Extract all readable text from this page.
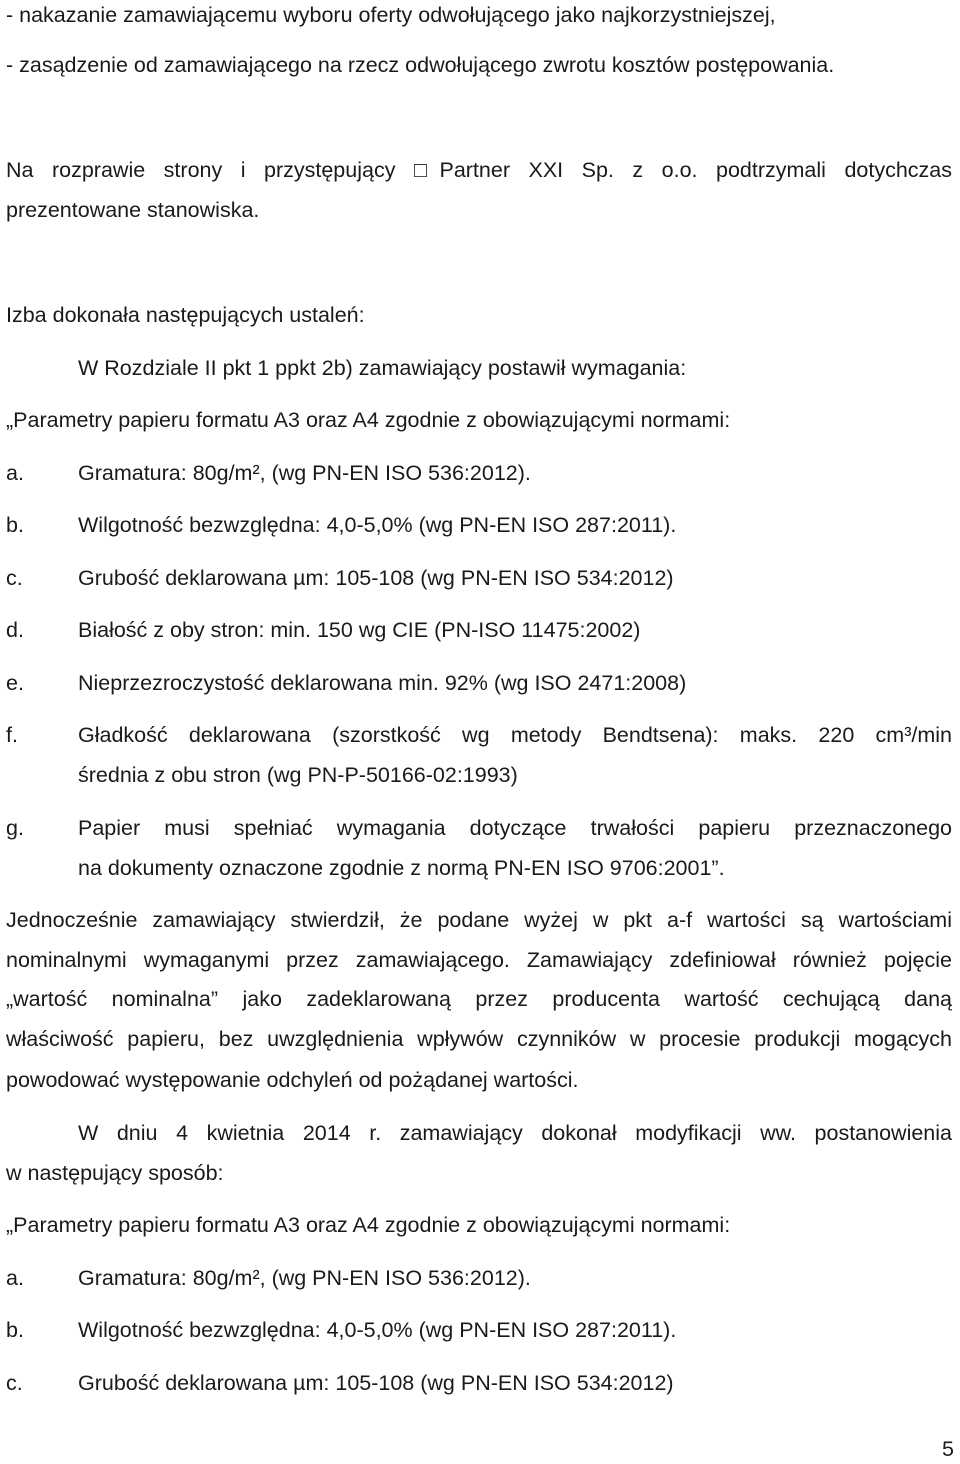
- nakazanie zamawiającemu wyboru oferty odwołującego jako najkorzystniejszej,
- zasądzenie od zamawiającego na rzecz odwołującego zwrotu kosztów postępowania.
Na rozprawie strony i przystępujący □Partner XXI Sp. z o.o. podtrzymali dotychczas
prezentowane stanowiska.
Izba dokonała następujących ustaleń:
W Rozdziale II pkt 1 ppkt 2b) zamawiający postawił wymagania:
„Parametry papieru formatu A3 oraz A4 zgodnie z obowiązującymi normami:
a.	Gramatura: 80g/m², (wg PN-EN ISO 536:2012).
b.	Wilgotność bezwzględna: 4,0-5,0% (wg PN-EN ISO 287:2011).
c.	Grubość deklarowana µm: 105-108 (wg PN-EN ISO 534:2012)
d.	Białość z oby stron: min. 150 wg CIE (PN-ISO 11475:2002)
e.	Nieprzezroczystość deklarowana min. 92% (wg ISO 2471:2008)
f.	Gładkość deklarowana (szorstkość wg metody Bendtsena): maks. 220 cm³/min
średnia z obu stron (wg PN-P-50166-02:1993)
g.	Papier musi spełniać wymagania dotyczące trwałości papieru przeznaczonego
na dokumenty oznaczone zgodnie z normą PN-EN ISO 9706:2001”.
Jednocześnie zamawiający stwierdził, że podane wyżej w pkt a-f wartości są wartościami
nominalnymi wymaganymi przez zamawiającego. Zamawiający zdefiniował również pojęcie
„wartość nominalna” jako zadeklarowaną przez producenta wartość cechującą daną
właściwość papieru, bez uwzględnienia wpływów czynników w procesie produkcji mogących
powodować występowanie odchyleń od pożądanej wartości.
W dniu 4 kwietnia 2014 r. zamawiający dokonał modyfikacji ww. postanowienia
w następujący sposób:
„Parametry papieru formatu A3 oraz A4 zgodnie z obowiązującymi normami:
a.	Gramatura: 80g/m², (wg PN-EN ISO 536:2012).
b.	Wilgotność bezwzględna: 4,0-5,0% (wg PN-EN ISO 287:2011).
c.	Grubość deklarowana µm: 105-108 (wg PN-EN ISO 534:2012)
5
